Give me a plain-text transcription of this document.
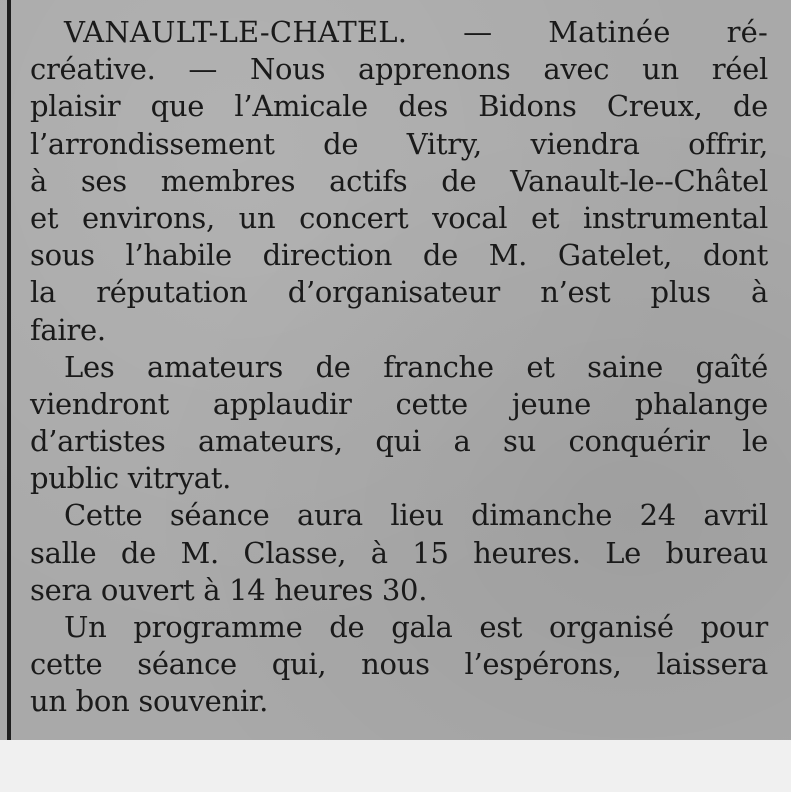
VANAULT-LE-CHATEL. — Matinée ré-
créative. — Nous apprenons avec un réel
plaisir que l’Amicale des Bidons Creux, de
l’arrondissement de Vitry, viendra offrir,
à ses membres actifs de Vanault-le--Châtel
et environs, un concert vocal et instrumental
sous l’habile direction de M. Gatelet, dont
la réputation d’organisateur n’est plus à
faire.
Les amateurs de franche et saine gaîté
viendront applaudir cette jeune phalange
d’artistes amateurs, qui a su conquérir le
public vitryat.
Cette séance aura lieu dimanche 24 avril
salle de M. Classe, à 15 heures. Le bureau
sera ouvert à 14 heures 30.
Un programme de gala est organisé pour
cette séance qui, nous l’espérons, laissera
un bon souvenir.
